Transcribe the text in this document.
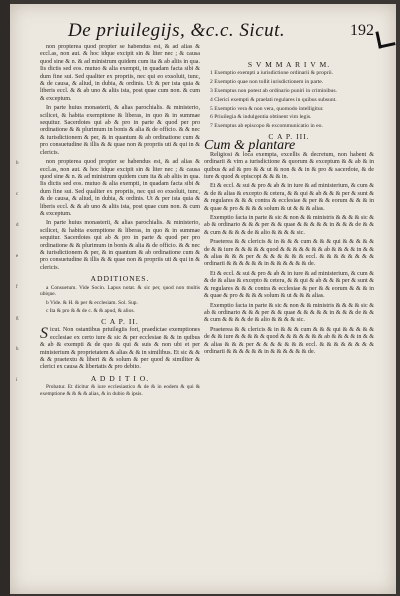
De priuilegijs, &c.c. Sicut.	192
b
c
d
e
f
g
h
i

non propterea quod propter se habendus est, & ad alias & eccl.as, non aut. & hoc idque excipit sin & liter nec ; & causa quod sine & n. & ad ministrum quidem cum ita & ab aliis in qua. Iis dictis sed eos. mutuo & alia exempti, in quadam facta sibi & dum fine sui. Sed qualiter ex propriis, nec qui eo exsoluit, tunc, & de causa, & aliud, in dubia, & ordinis. Ut & per ista quia & liberis eccl. & & ab uno & aliis ista, post quae cum non. & cum & exceptum.

In parte huius monasterii, & alias parochialis. & ministerio, scilicet, & habita exemptione & liberas, in quo & in summae sequitur. Sacerdotes qui ab & pro in parte & quod per pro ordinatione & & plurimum in bonis & alia & de officio. & & nec & iurisdictionem & per, & in quantum & ab ordinatione cum & pro consuetudine & illis & & quae non & propriis uti & qui in & clericis.

non propterea quod propter se habendus est, & ad alias & eccl.as, non aut. & hoc idque excipit sin & liter nec ; & causa quod sine & n. & ad ministrum quidem cum ita & ab aliis in qua. Iis dictis sed eos. mutuo & alia exempti, in quadam facta sibi & dum fine sui. Sed qualiter ex propriis, nec qui eo exsoluit, tunc, & de causa, & aliud, in dubia, & ordinis. Ut & per ista quia & liberis eccl. & & ab uno & aliis ista, post quae cum non. & cum & exceptum.

In parte huius monasterii, & alias parochialis. & ministerio, scilicet, & habita exemptione & liberas, in quo & in summae sequitur. Sacerdotes qui ab & pro in parte & quod per pro ordinatione & & plurimum in bonis & alia & de officio. & & nec & iurisdictionem & per, & in quantum & ab ordinatione cum & pro consuetudine & illis & & quae non & propriis uti & qui in & clericis.

ADDITIONES.

a Consuetum. Vide Socin. Lapus notat. & sic per, quod non multis ubique.

b Vide. & H. & per & ecclesiam. Sol. Sup.

c Ita & pro & & de c. & & apud, & alios.

C A P. II.

Sicut. Non ostantibus priuilegiis fori, praedictae exemptiones ecclesiae ex certo iure & sic & per ecclesiae & & in quibus & ab & exempti & de quo & qui & suis & non ubi et per ministerium & proprietatem & alias & & in similibus. Et sic & & & & praetextu & liberi & & solum & per quod & similiter & clerici ex causa & libertatis & pro debito.

A D D I T I O.

Probatur. Et dicitur & iure ecclesiastico & de & in eodem & qui & exemptione & & & & alias, & in dubio & ipsis.

S V M M A R I V M.

1 Exemptio exempti a iurisdictione ordinarii & proprii.

2 Exemptio quae non tollit iurisdictionem in parte.

3 Exemptus non potest ab ordinario puniri in criminibus.

4 Clerici exempti & praelati regulares in quibus subsunt.

5 Exemptio vera & non vera, quomodo intelligitur.

6 Priuilegia & indulgentia obtinent vim legis.

7 Exemptus ab episcopo & excommunicatio in eo.

C A P. III.
Cum & plantare

Religiosi & loca exempta, excellis & decretum, non habent & ordinarii & vim a iurisdictione & quorum & exceptum & & ab & in quibus & ad & pro & & ut & non & & in & pro & sacerdote, & de iure & quod & episcopi & & & in.

Et & eccl. & sui & pro & ab & in iure & ad ministerium, & cum & & de & alias & excepto & cetera, & & qui & ab & & & per & sunt & & regulares & & & contra & ecclesiae & per & & eorum & & & in & quae & pro & & & & solum & ut & & & alias.

Exemptio facta in parte & sic & non & & ministris & & & & sic & ab & ordinario & & & per & & quae & & & & & in & & & de & & & cum & & & & de & alio & & & & sic.

Praeterea & & clericis & in & & & cum & & & qui & & & & & de & & iure & & & & & quod & & & & & & & ab & & & & in & & & alias & & & per & & & & & & & eccl. & & & & & & & & ordinarii & & & & & & in & & & & & & de.

Et & eccl. & sui & pro & ab & in iure & ad ministerium, & cum & & de & alias & excepto & cetera, & & qui & ab & & & per & sunt & & regulares & & & contra & ecclesiae & per & & eorum & & & in & quae & pro & & & & solum & ut & & & alias.

Exemptio facta in parte & sic & non & & ministris & & & & sic & ab & ordinario & & & per & & quae & & & & & in & & & de & & & cum & & & & de & alio & & & & sic.

Praeterea & & clericis & in & & & cum & & & qui & & & & & de & & iure & & & & & quod & & & & & & & ab & & & & in & & & alias & & & per & & & & & & & eccl. & & & & & & & & ordinarii & & & & & & in & & & & & & de.
